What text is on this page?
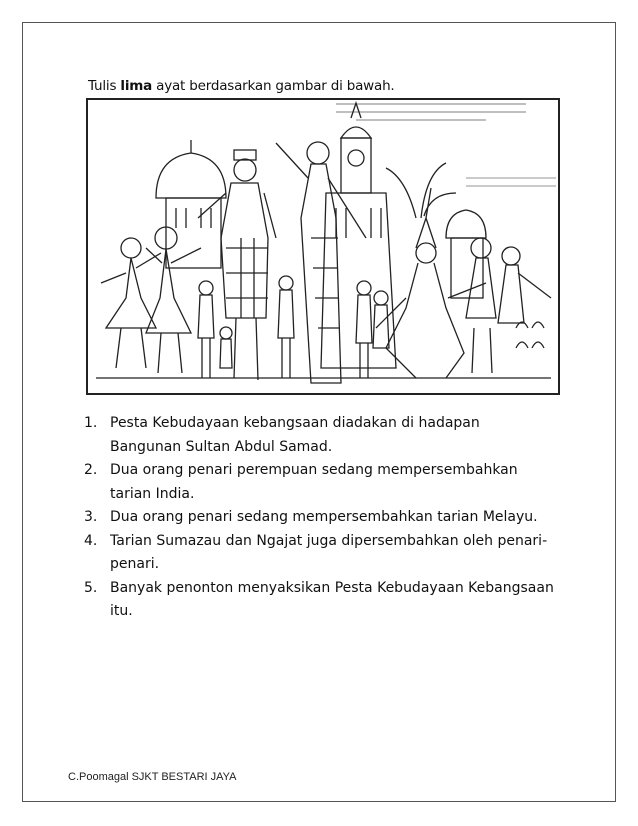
Tulis lima ayat berdasarkan gambar di bawah.
1. Pesta Kebudayaan kebangsaan diadakan di hadapan Bangunan Sultan Abdul Samad.
2. Dua orang penari perempuan sedang mempersembahkan tarian India.
3. Dua orang penari sedang mempersembahkan tarian Melayu.
4. Tarian Sumazau dan Ngajat juga dipersembahkan oleh penari-penari.
5. Banyak penonton menyaksikan Pesta Kebudayaan Kebangsaan itu.
C.Poomagal SJKT BESTARI JAYA
